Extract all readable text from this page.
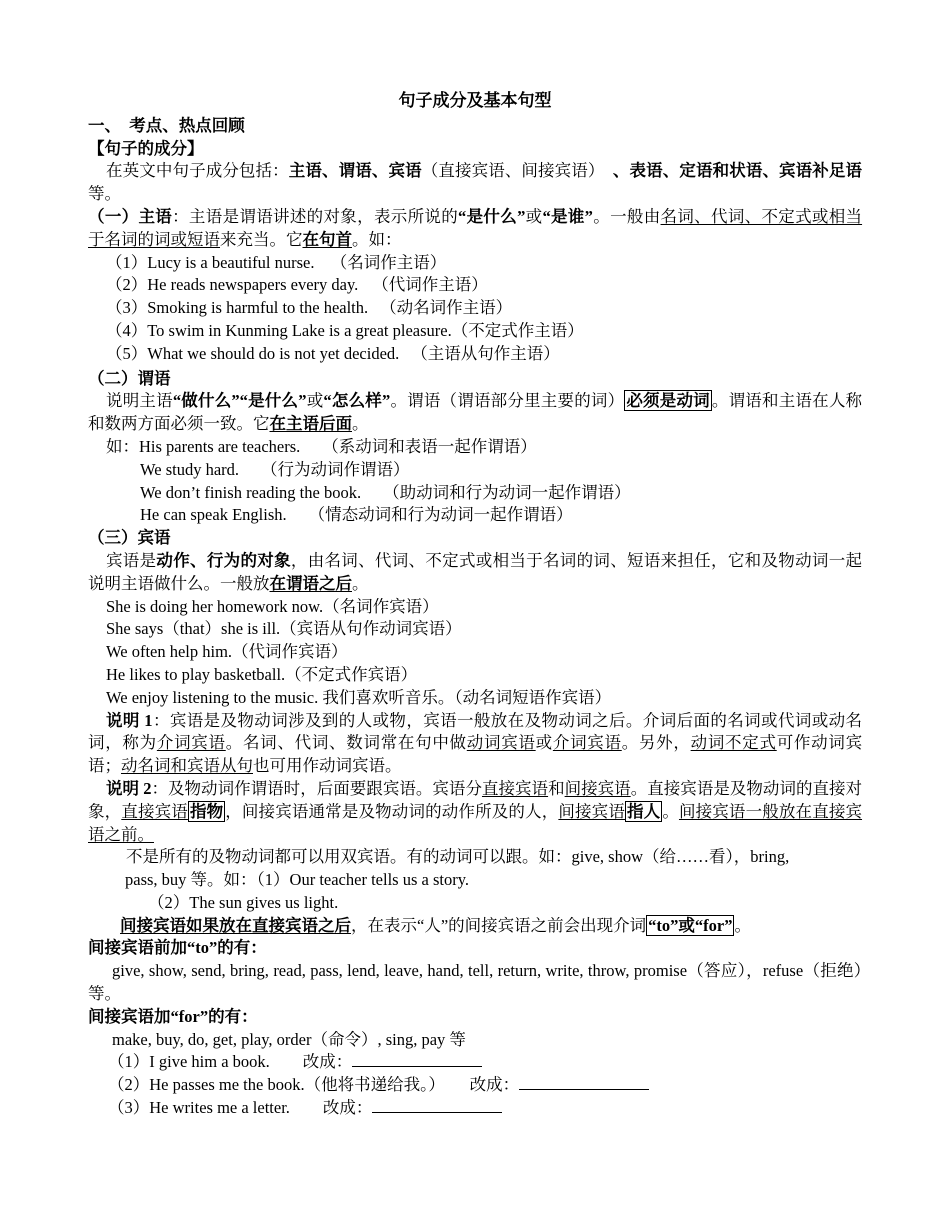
句子成分及基本句型

一、　考点、热点回顾

【句子的成分】

在英文中句子成分包括：主语、谓语、宾语（直接宾语、间接宾语）　、表语、定语和状语、宾语补足语等。

（一）主语：主语是谓语讲述的对象，表示所说的“是什么”或“是谁”。一般由名词、代词、不定式或相当于名词的词或短语来充当。它在句首。如：

（1）Lucy is a beautiful nurse.　（名词作主语）

（2）He reads newspapers every day. （代词作主语）

（3）Smoking is harmful to the health. （动名词作主语）

（4）To swim in Kunming Lake is a great pleasure.（不定式作主语）

（5）What we should do is not yet decided. （主语从句作主语）

（二）谓语

说明主语“做什么”“是什么”或“怎么样”。谓语（谓语部分里主要的词） 必须是动词 。谓语和主语在人称和数两方面必须一致。它在主语后面。

如：His parents are teachers. （系动词和表语一起作谓语）

We study hard. （行为动词作谓语）

We don’t finish reading the book. （助动词和行为动词一起作谓语）

He can speak English. （情态动词和行为动词一起作谓语）

（三）宾语

宾语是动作、行为的对象，由名词、代词、不定式或相当于名词的词、短语来担任，它和及物动词一起说明主语做什么。一般放在谓语之后。

She is doing her homework now.（名词作宾语）

She says（that）she is ill.（宾语从句作动词宾语）

We often help him.（代词作宾语）

He likes to play basketball.（不定式作宾语）

We enjoy listening to the music. 我们喜欢听音乐。（动名词短语作宾语）

说明 1：宾语是及物动词涉及到的人或物，宾语一般放在及物动词之后。介词后面的名词或代词或动名词，称为介词宾语。名词、代词、数词常在句中做动词宾语或介词宾语。另外，动词不定式可作动词宾语；动名词和宾语从句也可用作动词宾语。

说明 2：及物动词作谓语时，后面要跟宾语。宾语分直接宾语和间接宾语。直接宾语是及物动词的直接对象，直接宾语 指物 ，间接宾语通常是及物动词的动作所及的人，间接宾语 指人 。间接宾语一般放在直接宾语之前。

不是所有的及物动词都可以用双宾语。有的动词可以跟。如：give, show（给……看），bring,

pass, buy 等。如：（1）Our teacher tells us a story.

（2）The sun gives us light.

间接宾语如果放在直接宾语之后，在表示“人”的间接宾语之前会出现介词 “to”或“for” 。

间接宾语前加“to”的有：

give, show, send, bring, read, pass, lend, leave, hand, tell, return, write, throw, promise（答应），refuse（拒绝）等。

间接宾语加“for”的有：

make, buy, do, get, play, order（命令）, sing, pay 等

（1）I give him a book.　　改成：

（2）He passes me the book.（他将书递给我。）　　改成：

（3）He writes me a letter.　　改成：
